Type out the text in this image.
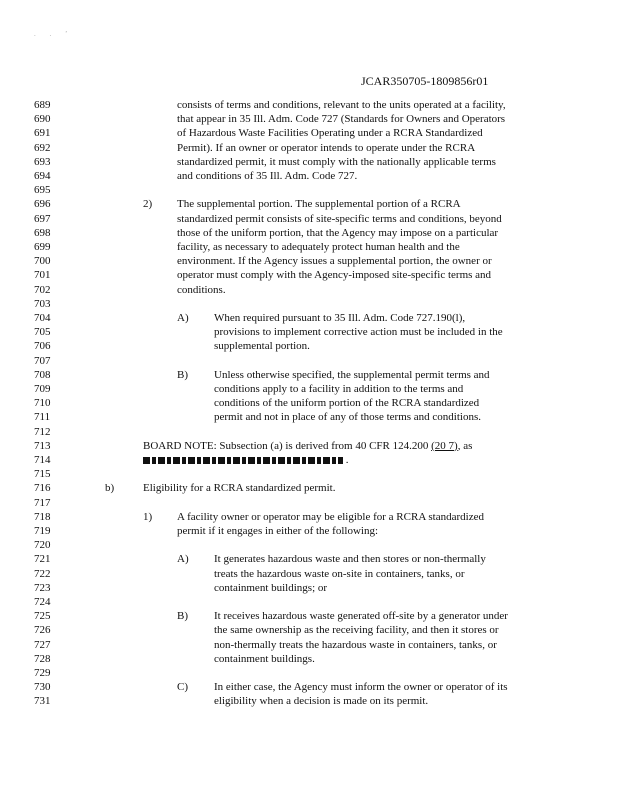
. . ’
JCAR350705-1809856r01
689	consists of terms and conditions, relevant to the units operated at a facility,
690	that appear in 35 Ill. Adm. Code 727 (Standards for Owners and Operators
691	of Hazardous Waste Facilities Operating under a RCRA Standardized
692	Permit). If an owner or operator intends to operate under the RCRA
693	standardized permit, it must comply with the nationally applicable terms
694	and conditions of 35 Ill. Adm. Code 727.
695
696	2) The supplemental portion. The supplemental portion of a RCRA
697	standardized permit consists of site-specific terms and conditions, beyond
698	those of the uniform portion, that the Agency may impose on a particular
699	facility, as necessary to adequately protect human health and the
700	environment. If the Agency issues a supplemental portion, the owner or
701	operator must comply with the Agency-imposed site-specific terms and
702	conditions.
703
704	A) When required pursuant to 35 Ill. Adm. Code 727.190(l),
705	provisions to implement corrective action must be included in the
706	supplemental portion.
707
708	B) Unless otherwise specified, the supplemental permit terms and
709	conditions apply to a facility in addition to the terms and
710	conditions of the uniform portion of the RCRA standardized
711	permit and not in place of any of those terms and conditions.
712
713	BOARD NOTE: Subsection (a) is derived from 40 CFR 124.200 (20 7), as
714	.
715
716	b)	Eligibility for a RCRA standardized permit.
717
718	1) A facility owner or operator may be eligible for a RCRA standardized
719	permit if it engages in either of the following:
720
721	A) It generates hazardous waste and then stores or non-thermally
722	treats the hazardous waste on-site in containers, tanks, or
723	containment buildings; or
724
725	B) It receives hazardous waste generated off-site by a generator under
726	the same ownership as the receiving facility, and then it stores or
727	non-thermally treats the hazardous waste in containers, tanks, or
728	containment buildings.
729
730	C) In either case, the Agency must inform the owner or operator of its
731	eligibility when a decision is made on its permit.
